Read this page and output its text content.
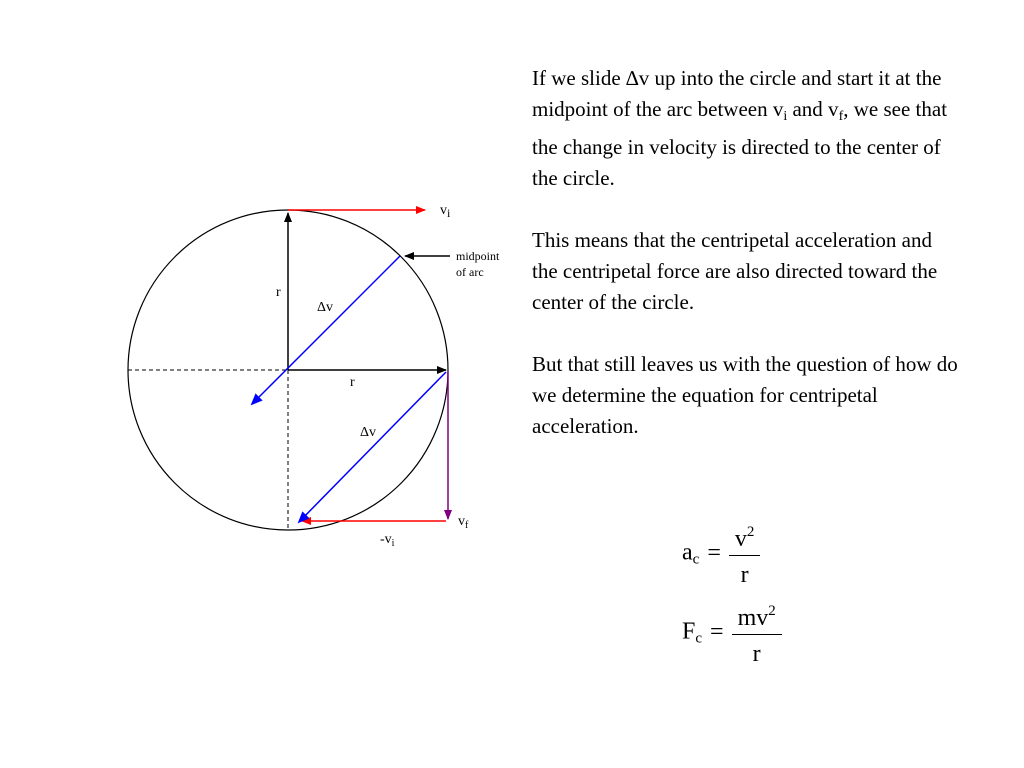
r
r
Δv
Δv
vi
$v_f$
$-v_i$
midpoint
of arc

If we slide ∆v up into the circle and start it at the midpoint of the arc between $v_i$ and $v_f$, we see that the change in velocity is directed to the center of the circle.

This means that the centripetal acceleration and the centripetal force are also directed toward the center of the circle.

But that still leaves us with the question of how do we determine the equation for centripetal acceleration.

$a_c = \frac{v^2}{r}$
$F_c = \frac{mv^2}{r}$
